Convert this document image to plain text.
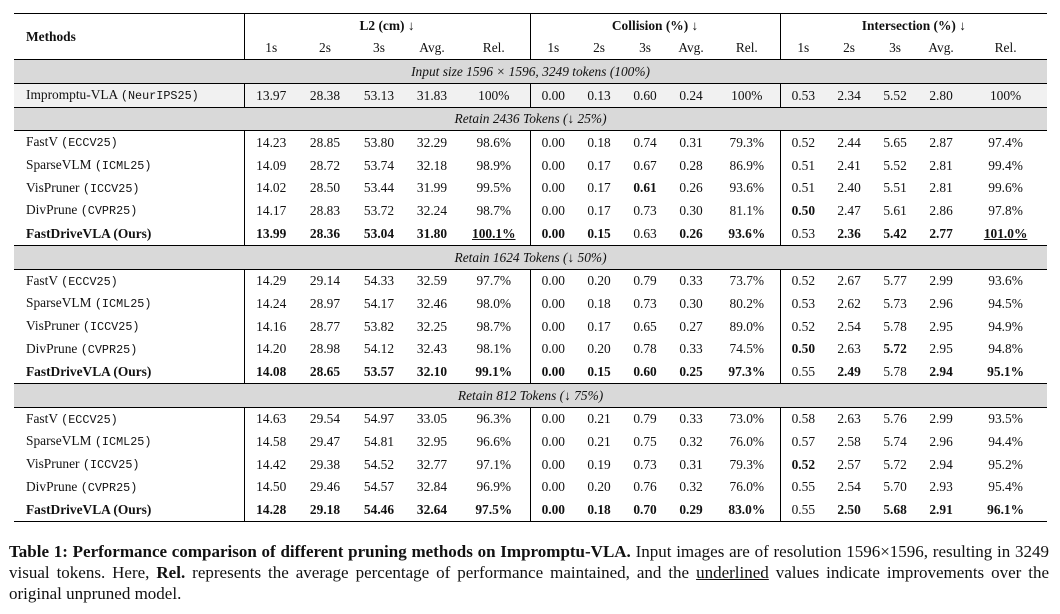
Methods	L2 (cm) ↓					Collision (%) ↓					Intersection (%) ↓				
	1s	2s	3s	Avg.	Rel.	1s	2s	3s	Avg.	Rel.	1s	2s	3s	Avg.	Rel.
Input size 1596 × 1596, 3249 tokens (100%)															
Impromptu-VLA (NeurIPS25)	13.97	28.38	53.13	31.83	100%	0.00	0.13	0.60	0.24	100%	0.53	2.34	5.52	2.80	100%
Retain 2436 Tokens (↓ 25%)															
FastV (ECCV25)	14.23	28.85	53.80	32.29	98.6%	0.00	0.18	0.74	0.31	79.3%	0.52	2.44	5.65	2.87	97.4%
SparseVLM (ICML25)	14.09	28.72	53.74	32.18	98.9%	0.00	0.17	0.67	0.28	86.9%	0.51	2.41	5.52	2.81	99.4%
VisPruner (ICCV25)	14.02	28.50	53.44	31.99	99.5%	0.00	0.17	0.61	0.26	93.6%	0.51	2.40	5.51	2.81	99.6%
DivPrune (CVPR25)	14.17	28.83	53.72	32.24	98.7%	0.00	0.17	0.73	0.30	81.1%	0.50	2.47	5.61	2.86	97.8%
FastDriveVLA (Ours)	13.99	28.36	53.04	31.80	100.1%	0.00	0.15	0.63	0.26	93.6%	0.53	2.36	5.42	2.77	101.0%
Retain 1624 Tokens (↓ 50%)															
FastV (ECCV25)	14.29	29.14	54.33	32.59	97.7%	0.00	0.20	0.79	0.33	73.7%	0.52	2.67	5.77	2.99	93.6%
SparseVLM (ICML25)	14.24	28.97	54.17	32.46	98.0%	0.00	0.18	0.73	0.30	80.2%	0.53	2.62	5.73	2.96	94.5%
VisPruner (ICCV25)	14.16	28.77	53.82	32.25	98.7%	0.00	0.17	0.65	0.27	89.0%	0.52	2.54	5.78	2.95	94.9%
DivPrune (CVPR25)	14.20	28.98	54.12	32.43	98.1%	0.00	0.20	0.78	0.33	74.5%	0.50	2.63	5.72	2.95	94.8%
FastDriveVLA (Ours)	14.08	28.65	53.57	32.10	99.1%	0.00	0.15	0.60	0.25	97.3%	0.55	2.49	5.78	2.94	95.1%
Retain 812 Tokens (↓ 75%)															
FastV (ECCV25)	14.63	29.54	54.97	33.05	96.3%	0.00	0.21	0.79	0.33	73.0%	0.58	2.63	5.76	2.99	93.5%
SparseVLM (ICML25)	14.58	29.47	54.81	32.95	96.6%	0.00	0.21	0.75	0.32	76.0%	0.57	2.58	5.74	2.96	94.4%
VisPruner (ICCV25)	14.42	29.38	54.52	32.77	97.1%	0.00	0.19	0.73	0.31	79.3%	0.52	2.57	5.72	2.94	95.2%
DivPrune (CVPR25)	14.50	29.46	54.57	32.84	96.9%	0.00	0.20	0.76	0.32	76.0%	0.55	2.54	5.70	2.93	95.4%
FastDriveVLA (Ours)	14.28	29.18	54.46	32.64	97.5%	0.00	0.18	0.70	0.29	83.0%	0.55	2.50	5.68	2.91	96.1%
Table 1: Performance comparison of different pruning methods on Impromptu-VLA. Input images are of resolution 1596×1596, resulting in 3249 visual tokens. Here, Rel. represents the average percentage of performance maintained, and the underlined values indicate improvements over the original unpruned model.
